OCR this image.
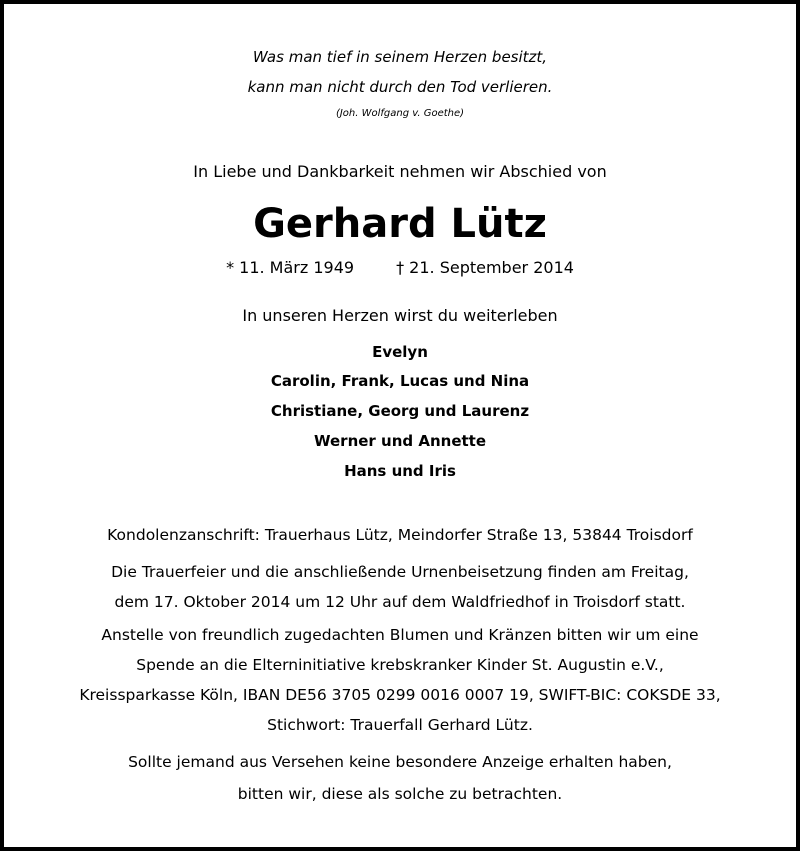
Was man tief in seinem Herzen besitzt,
kann man nicht durch den Tod verlieren.
(Joh. Wolfgang v. Goethe)
In Liebe und Dankbarkeit nehmen wir Abschied von
Gerhard Lütz
* 11. März 1949	† 21. September 2014
In unseren Herzen wirst du weiterleben
Evelyn
Carolin, Frank, Lucas und Nina
Christiane, Georg und Laurenz
Werner und Annette
Hans und Iris
Kondolenzanschrift: Trauerhaus Lütz, Meindorfer Straße 13, 53844 Troisdorf
Die Trauerfeier und die anschließende Urnenbeisetzung finden am Freitag,
dem 17. Oktober 2014 um 12 Uhr auf dem Waldfriedhof in Troisdorf statt.
Anstelle von freundlich zugedachten Blumen und Kränzen bitten wir um eine
Spende an die Elterninitiative krebskranker Kinder St. Augustin e.V.,
Kreissparkasse Köln, IBAN DE56 3705 0299 0016 0007 19, SWIFT-BIC: COKSDE 33,
Stichwort: Trauerfall Gerhard Lütz.
Sollte jemand aus Versehen keine besondere Anzeige erhalten haben,
bitten wir, diese als solche zu betrachten.
